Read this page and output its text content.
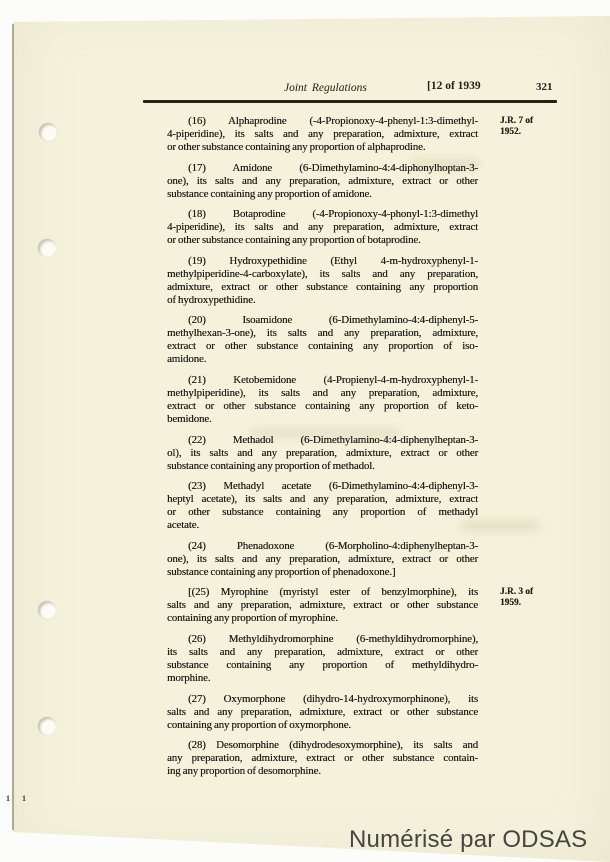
Joint Regulations	[12 of 1939	321
(16) Alphaprodine (-4-Propionoxy-4-phenyl-1:3-dimethyl-
4-piperidine), its salts and any preparation, admixture, extract
or other substance containing any proportion of alphaprodine.
J.R. 7 of
1952.
(17) Amidone (6-Dimethylamino-4:4-diphonylhoptan-3-
one), its salts and any preparation, admixture, extract or other
substance containing any proportion of amidone.
(18) Botaprodine (-4-Propionoxy-4-phonyl-1:3-dimethyl
4-piperidine), its salts and any preparation, admixture, extract
or other substance containing any proportion of botaprodine.
(19) Hydroxypethidine (Ethyl 4-m-hydroxyphenyl-1-
methylpiperidine-4-carboxylate), its salts and any preparation,
admixture, extract or other substance containing any proportion
of hydroxypethidine.
(20) Isoamidone (6-Dimethylamino-4:4-diphenyl-5-
methylhexan-3-one), its salts and any preparation, admixture,
extract or other substance containing any proportion of iso-
amidone.
(21) Ketobemidone (4-Propienyl-4-m-hydroxyphenyl-1-
methylpiperidine), its salts and any preparation, admixture,
extract or other substance containing any proportion of keto-
bemidone.
(22) Methadol (6-Dimethylamino-4:4-diphenylheptan-3-
ol), its salts and any preparation, admixture, extract or other
substance containing any proportion of methadol.
(23) Methadyl acetate (6-Dimethylamino-4:4-diphenyl-3-
heptyl acetate), its salts and any preparation, admixture, extract
or other substance containing any proportion of methadyl
acetate.
(24) Phenadoxone (6-Morpholino-4:diphenylheptan-3-
one), its salts and any preparation, admixture, extract or other
substance containing any proportion of phenadoxone.]
[(25) Myrophine (myristyl ester of benzylmorphine), its
salts and any preparation, admixture, extract or other substance
containing any proportion of myrophine.
J.R. 3 of
1959.
(26) Methyldihydromorphine (6-methyldihydromorphine),
its salts and any preparation, admixture, extract or other
substance containing any proportion of methyldihydro-
morphine.
(27) Oxymorphone (dihydro-14-hydroxymorphinone), its
salts and any preparation, admixture, extract or other substance
containing any proportion of oxymorphone.
(28) Desomorphine (dihydrodesoxymorphine), its salts and
any preparation, admixture, extract or other substance contain-
ing any proportion of desomorphine.
1 1
Numérisé par ODSAS
